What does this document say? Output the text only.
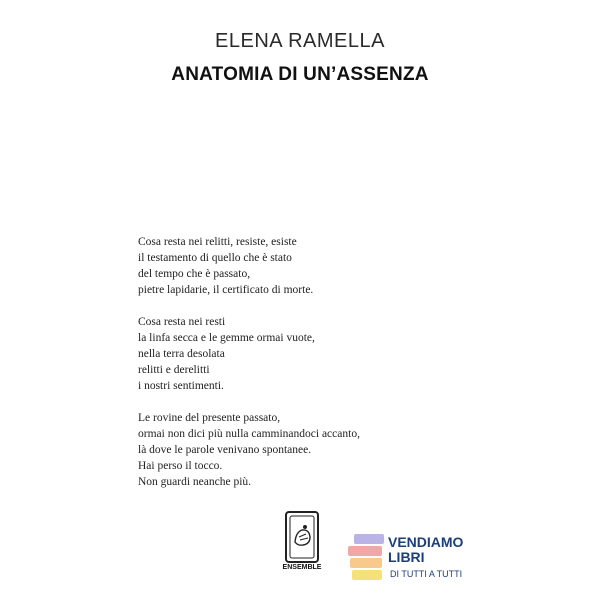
ELENA RAMELLA
ANATOMIA DI UN’ASSENZA
Cosa resta nei relitti, resiste, esiste
il testamento di quello che è stato
del tempo che è passato,
pietre lapidarie, il certificato di morte.
Cosa resta nei resti
la linfa secca e le gemme ormai vuote,
nella terra desolata
relitti e derelitti
i nostri sentimenti.
Le rovine del presente passato,
ormai non dici più nulla camminandoci accanto,
là dove le parole venivano spontanee.
Hai perso il tocco.
Non guardi neanche più.
ENSEMBLE
VENDIAMO
LIBRI
DI TUTTI A TUTTI
